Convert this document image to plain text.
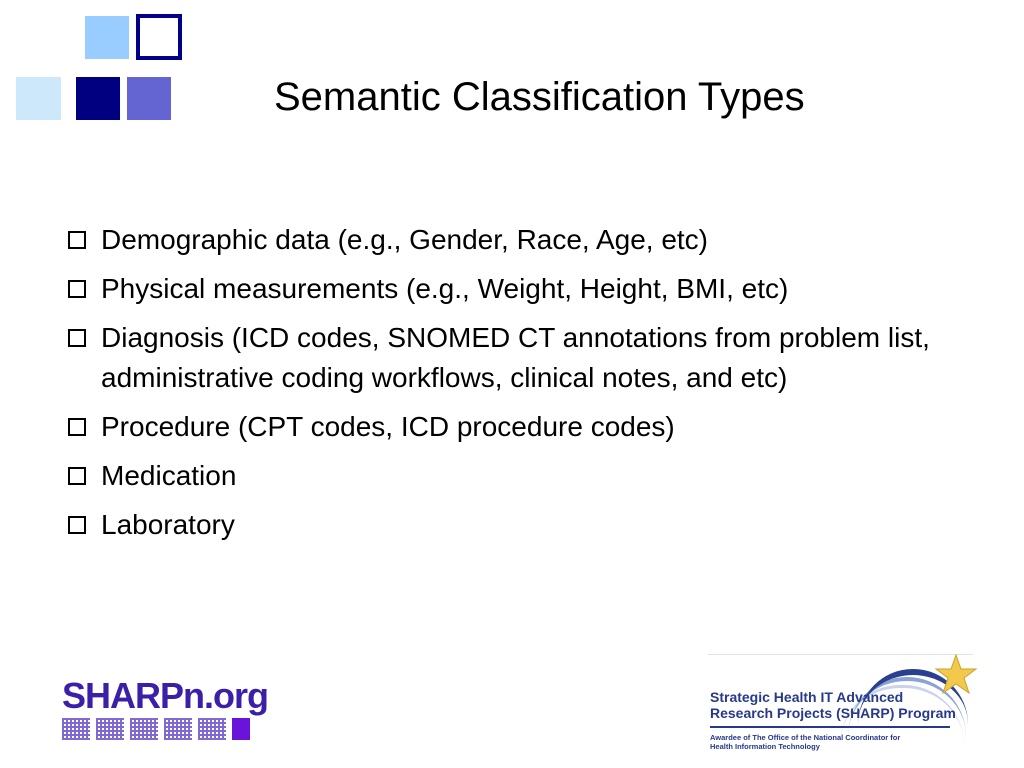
Semantic Classification Types
Demographic data (e.g., Gender, Race, Age, etc)
Physical measurements (e.g., Weight, Height, BMI, etc)
Diagnosis (ICD codes, SNOMED CT annotations from problem list, administrative coding workflows, clinical notes, and etc)
Procedure (CPT codes, ICD procedure codes)
Medication
Laboratory
SHARPn.org	Strategic Health IT Advanced
Research Projects (SHARP) Program
Awardee of The Office of the National Coordinator for
Health Information Technology
